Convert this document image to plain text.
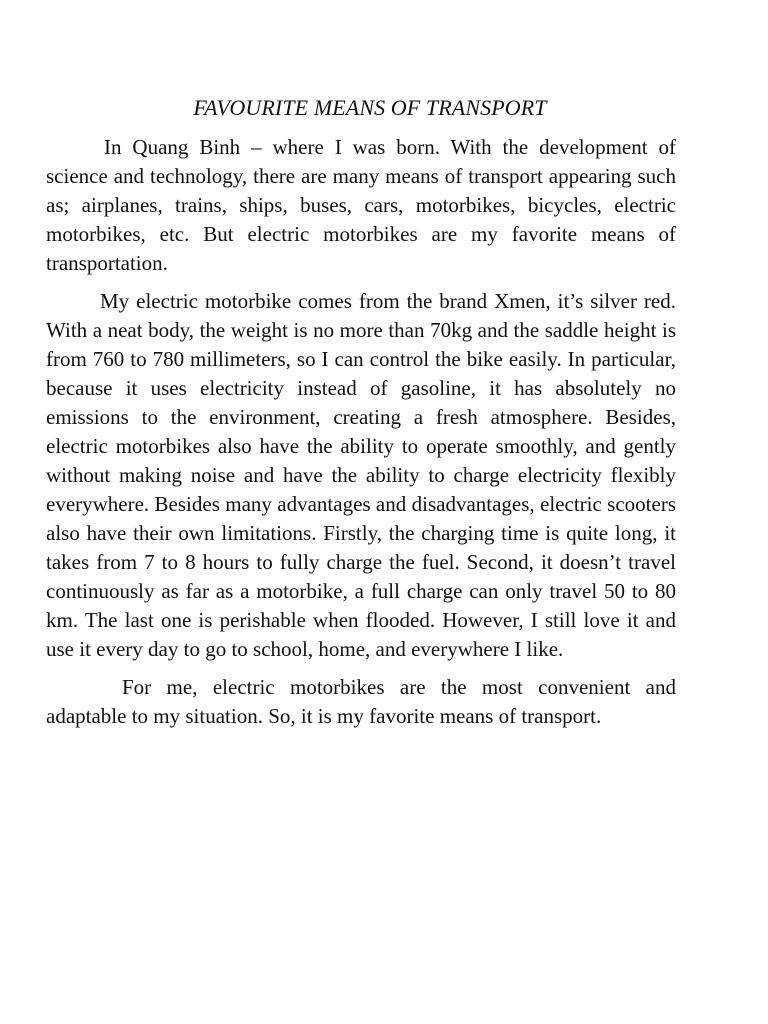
FAVOURITE MEANS OF TRANSPORT

In Quang Binh – where I was born. With the development of science and technology, there are many means of transport appearing such as; airplanes, trains, ships, buses, cars, motorbikes, bicycles, electric motorbikes, etc. But electric motorbikes are my favorite means of transportation.

My electric motorbike comes from the brand Xmen, it’s silver red. With a neat body, the weight is no more than 70kg and the saddle height is from 760 to 780 millimeters, so I can control the bike easily. In particular, because it uses electricity instead of gasoline, it has absolutely no emissions to the environment, creating a fresh atmosphere. Besides, electric motorbikes also have the ability to operate smoothly, and gently without making noise and have the ability to charge electricity flexibly everywhere. Besides many advantages and disadvantages, electric scooters also have their own limitations. Firstly, the charging time is quite long, it takes from 7 to 8 hours to fully charge the fuel. Second, it doesn’t travel continuously as far as a motorbike, a full charge can only travel 50 to 80 km. The last one is perishable when flooded. However, I still love it and use it every day to go to school, home, and everywhere I like.

For me, electric motorbikes are the most convenient and adaptable to my situation. So, it is my favorite means of transport.
